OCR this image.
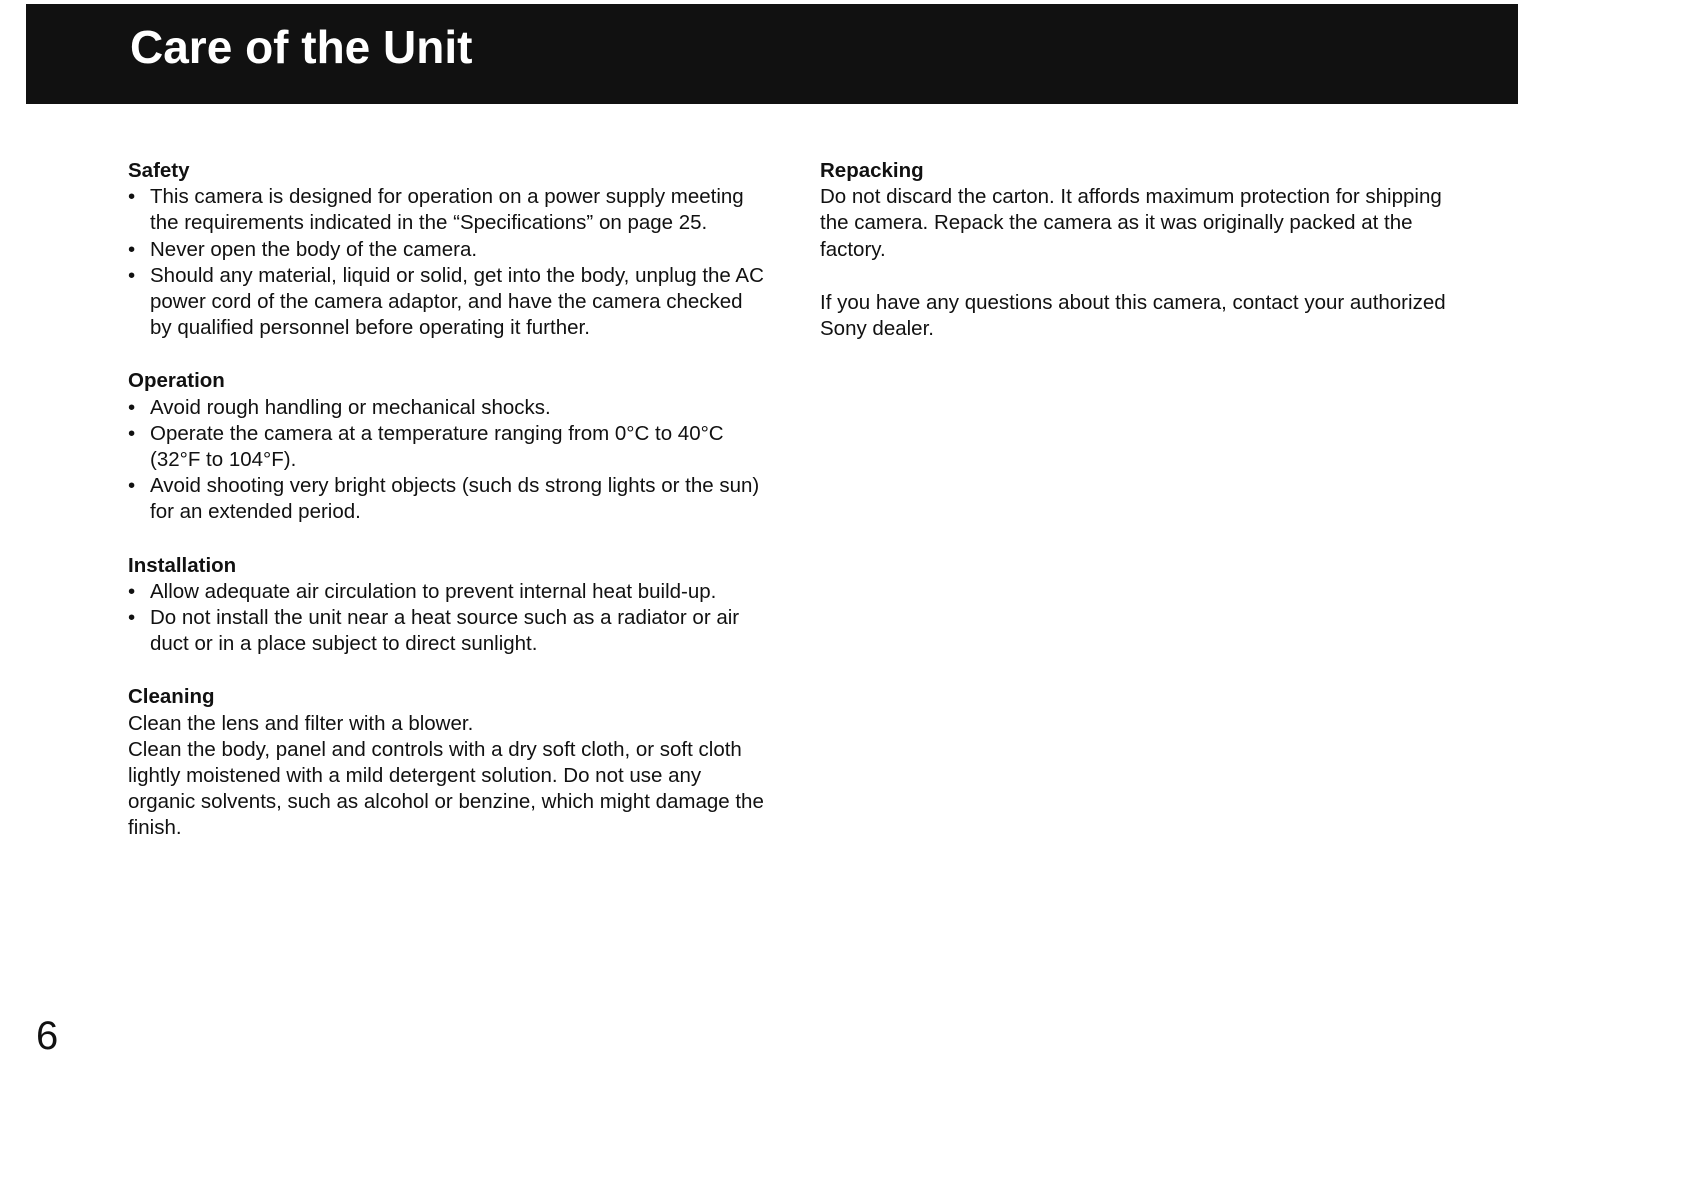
Care of the Unit
Safety
• This camera is designed for operation on a power supply meeting the requirements indicated in the “Specifications” on page 25.
• Never open the body of the camera.
• Should any material, liquid or solid, get into the body, unplug the AC power cord of the camera adaptor, and have the camera checked by qualified personnel before operating it further.
Operation
• Avoid rough handling or mechanical shocks.
• Operate the camera at a temperature ranging from 0°C to 40°C (32°F to 104°F).
• Avoid shooting very bright objects (such ds strong lights or the sun) for an extended period.
Installation
• Allow adequate air circulation to prevent internal heat build-up.
• Do not install the unit near a heat source such as a radiator or air duct or in a place subject to direct sunlight.
Cleaning

Clean the lens and filter with a blower.

Clean the body, panel and controls with a dry soft cloth, or soft cloth lightly moistened with a mild detergent solution. Do not use any organic solvents, such as alcohol or benzine, which might damage the finish.

Repacking

Do not discard the carton. It affords maximum protection for shipping the camera. Repack the camera as it was originally packed at the factory.

If you have any questions about this camera, contact your authorized Sony dealer.

6
